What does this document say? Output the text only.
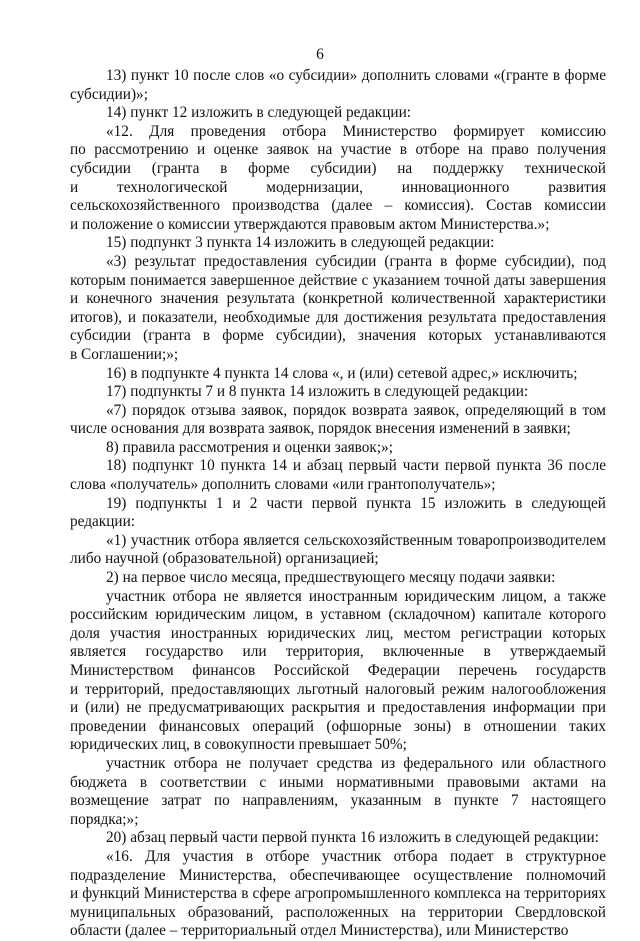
6
13) пункт 10 после слов «о субсидии» дополнить словами «(гранте в форме
субсидии)»;
14) пункт 12 изложить в следующей редакции:
«12. Для проведения отбора Министерство формирует комиссию
по рассмотрению и оценке заявок на участие в отборе на право получения
субсидии (гранта в форме субсидии) на поддержку технической
и технологической модернизации, инновационного развития
сельскохозяйственного производства (далее – комиссия). Состав комиссии
и положение о комиссии утверждаются правовым актом Министерства.»;
15) подпункт 3 пункта 14 изложить в следующей редакции:
«3) результат предоставления субсидии (гранта в форме субсидии), под
которым понимается завершенное действие с указанием точной даты завершения
и конечного значения результата (конкретной количественной характеристики
итогов), и показатели, необходимые для достижения результата предоставления
субсидии (гранта в форме субсидии), значения которых устанавливаются
в Соглашении;»;
16) в подпункте 4 пункта 14 слова «, и (или) сетевой адрес,» исключить;
17) подпункты 7 и 8 пункта 14 изложить в следующей редакции:
«7) порядок отзыва заявок, порядок возврата заявок, определяющий в том
числе основания для возврата заявок, порядок внесения изменений в заявки;
8) правила рассмотрения и оценки заявок;»;
18) подпункт 10 пункта 14 и абзац первый части первой пункта 36 после
слова «получатель» дополнить словами «или грантополучатель»;
19) подпункты 1 и 2 части первой пункта 15 изложить в следующей
редакции:
«1) участник отбора является сельскохозяйственным товаропроизводителем
либо научной (образовательной) организацией;
2) на первое число месяца, предшествующего месяцу подачи заявки:
участник отбора не является иностранным юридическим лицом, а также
российским юридическим лицом, в уставном (складочном) капитале которого
доля участия иностранных юридических лиц, местом регистрации которых
является государство или территория, включенные в утверждаемый
Министерством финансов Российской Федерации перечень государств
и территорий, предоставляющих льготный налоговый режим налогообложения
и (или) не предусматривающих раскрытия и предоставления информации при
проведении финансовых операций (офшорные зоны) в отношении таких
юридических лиц, в совокупности превышает 50%;
участник отбора не получает средства из федерального или областного
бюджета в соответствии с иными нормативными правовыми актами на
возмещение затрат по направлениям, указанным в пункте 7 настоящего порядка;»;
20) абзац первый части первой пункта 16 изложить в следующей редакции:
«16. Для участия в отборе участник отбора подает в структурное
подразделение Министерства, обеспечивающее осуществление полномочий
и функций Министерства в сфере агропромышленного комплекса на территориях
муниципальных образований, расположенных на территории Свердловской
области (далее – территориальный отдел Министерства), или Министерство
